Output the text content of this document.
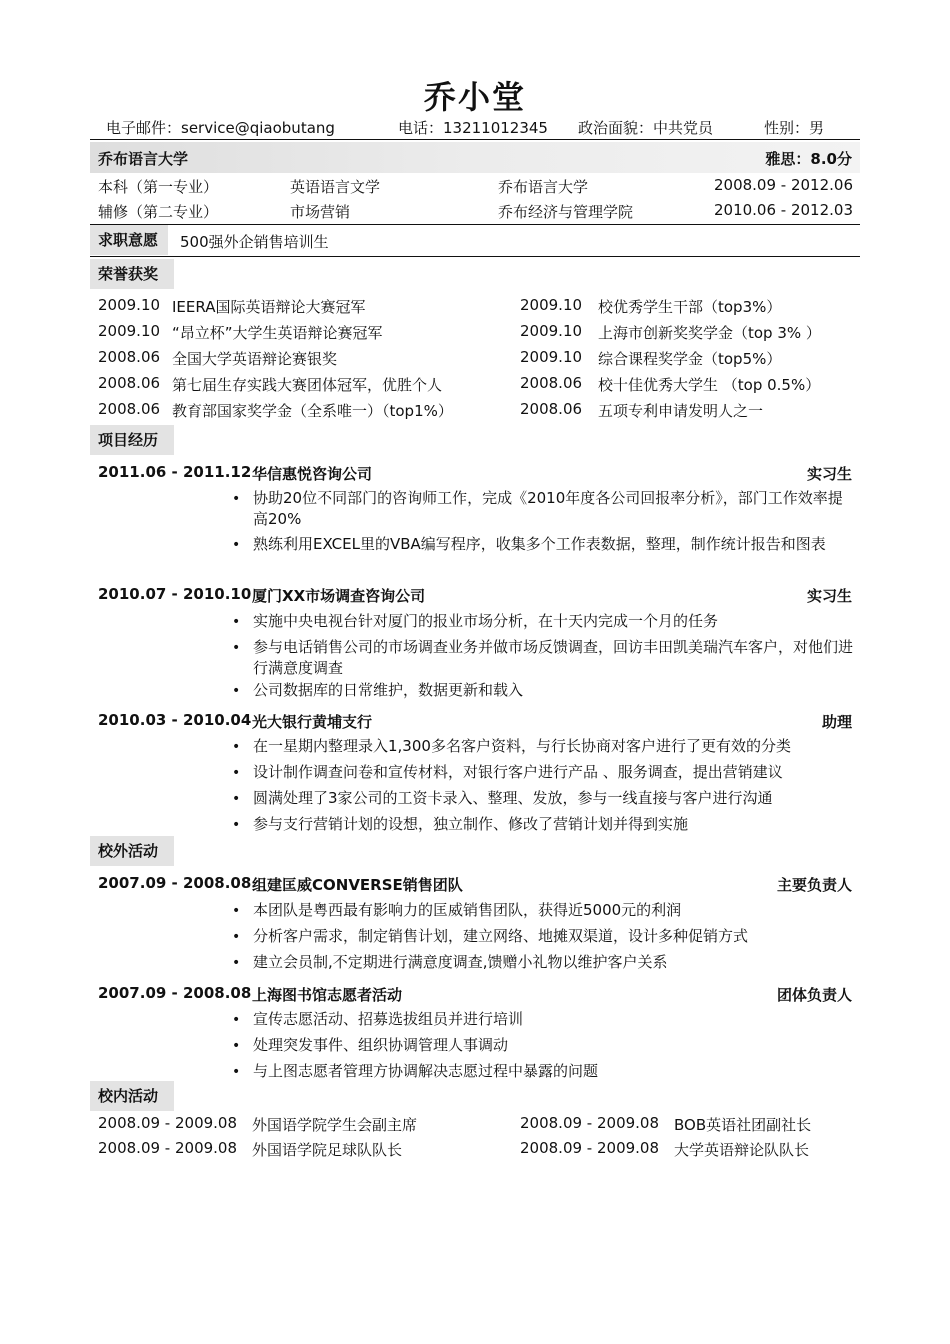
乔小堂
电子邮件：service@qiaobutang	电话：13211012345 政治面貌：中共党员	性别：男
乔布语言大学	雅思：8.0分
本科（第一专业）	英语语言文学	乔布语言大学	2008.09 - 2012.06
辅修（第二专业）	市场营销	乔布经济与管理学院	2010.06 - 2012.03
求职意愿	500强外企销售培训生
荣誉获奖
2009.10 IEERA国际英语辩论大赛冠军
2009.10 “昂立杯”大学生英语辩论赛冠军
2008.06 全国大学英语辩论赛银奖
2008.06 第七届生存实践大赛团体冠军，优胜个人
2008.06 教育部国家奖学金（全系唯一）（top1%）
2009.10 校优秀学生干部（top3%）
2009.10 上海市创新奖奖学金（top 3% ）
2009.10 综合课程奖学金（top5%）
2008.06 校十佳优秀大学生 （top 0.5%）
2008.06 五项专利申请发明人之一
项目经历
2011.06 - 2011.12 华信惠悦咨询公司	实习生
• 协助20位不同部门的咨询师工作，完成《2010年度各公司回报率分析》，部门工作效率提高20%
• 熟练利用EXCEL里的VBA编写程序，收集多个工作表数据，整理，制作统计报告和图表
2010.07 - 2010.10 厦门XX市场调查咨询公司	实习生
• 实施中央电视台针对厦门的报业市场分析，在十天内完成一个月的任务
• 参与电话销售公司的市场调查业务并做市场反馈调查，回访丰田凯美瑞汽车客户，对他们进行满意度调查
• 公司数据库的日常维护，数据更新和载入
2010.03 - 2010.04 光大银行黄埔支行	助理
• 在一星期内整理录入1,300多名客户资料，与行长协商对客户进行了更有效的分类
• 设计制作调查问卷和宣传材料，对银行客户进行产品 、服务调查，提出营销建议
• 圆满处理了3家公司的工资卡录入、整理、发放，参与一线直接与客户进行沟通
• 参与支行营销计划的设想，独立制作、修改了营销计划并得到实施
校外活动
2007.09 - 2008.08 组建匡威CONVERSE销售团队	主要负责人
• 本团队是粤西最有影响力的匡威销售团队，获得近5000元的利润
• 分析客户需求，制定销售计划，建立网络、地摊双渠道，设计多种促销方式
• 建立会员制,不定期进行满意度调查,馈赠小礼物以维护客户关系
2007.09 - 2008.08 上海图书馆志愿者活动	团体负责人
• 宣传志愿活动、招募选拔组员并进行培训
• 处理突发事件、组织协调管理人事调动
• 与上图志愿者管理方协调解决志愿过程中暴露的问题
校内活动
2008.09 - 2009.08 外国语学院学生会副主席	2008.09 - 2009.08 BOB英语社团副社长
2008.09 - 2009.08 外国语学院足球队队长	2008.09 - 2009.08 大学英语辩论队队长
